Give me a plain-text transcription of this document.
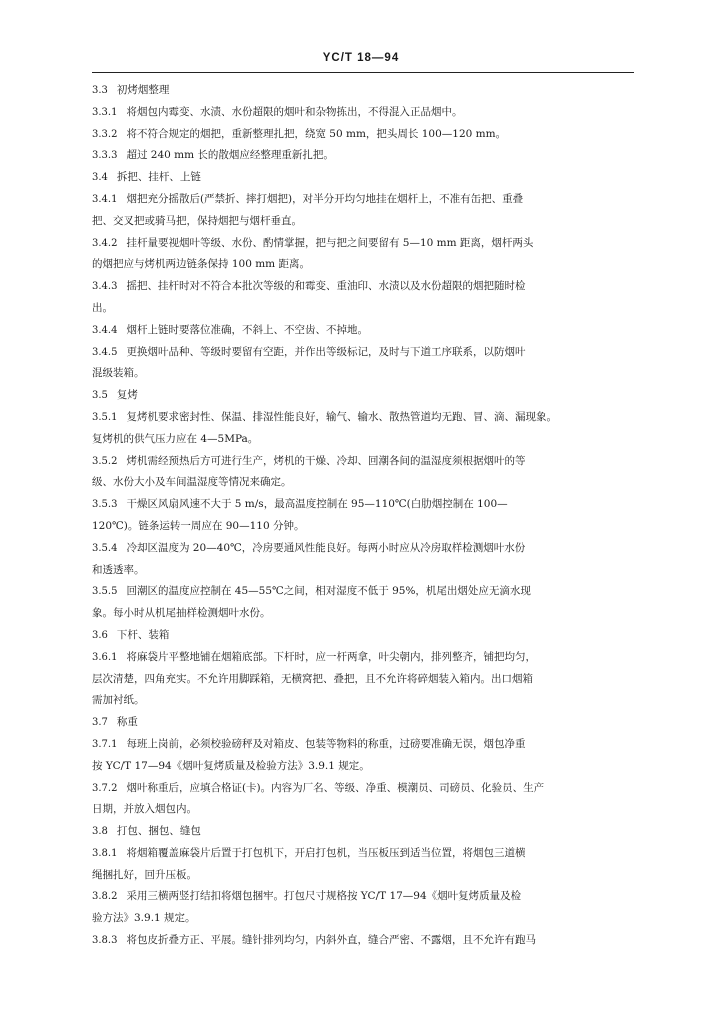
YC/T 18—94
3.3 初烤烟整理
3.3.1 将烟包内霉变、水渍、水份超限的烟叶和杂物拣出，不得混入正品烟中。
3.3.2 将不符合规定的烟把，重新整理扎把，绕宽 50 mm，把头周长 100—120 mm。
3.3.3 超过 240 mm 长的散烟应经整理重新扎把。
3.4 拆把、挂杆、上链
3.4.1 烟把充分摇散后(严禁折、摔打烟把)，对半分开均匀地挂在烟杆上，不准有缶把、重叠
把、交叉把或骑马把，保持烟把与烟杆垂直。
3.4.2 挂杆量要视烟叶等级、水份、酌情掌握，把与把之间要留有 5—10 mm 距离，烟杆两头
的烟把应与烤机两边链条保持 100 mm 距离。
3.4.3 摇把、挂杆时对不符合本批次等级的和霉变、重油印、水渍以及水份超限的烟把随时检
出。
3.4.4 烟杆上链时要落位准确，不斜上、不空齿、不掉地。
3.4.5 更换烟叶品种、等级时要留有空距，并作出等级标记，及时与下道工序联系，以防烟叶
混级装箱。
3.5 复烤
3.5.1 复烤机要求密封性、保温、排湿性能良好，输气、输水、散热管道均无跑、冒、滴、漏现象。
复烤机的供气压力应在 4—5MPa。
3.5.2 烤机需经预热后方可进行生产，烤机的干燥、冷却、回潮各间的温湿度须根据烟叶的等
级、水份大小及车间温湿度等情况来确定。
3.5.3 干燥区风扇风速不大于 5 m/s，最高温度控制在 95—110℃(白肋烟控制在 100—
120℃)。链条运转一周应在 90—110 分钟。
3.5.4 冷却区温度为 20—40℃，冷房要通风性能良好。每两小时应从冷房取样检测烟叶水份
和透透率。
3.5.5 回潮区的温度应控制在 45—55℃之间，相对湿度不低于 95%，机尾出烟处应无滴水现
象。每小时从机尾抽样检测烟叶水份。
3.6 下杆、装箱
3.6.1 将麻袋片平整地铺在烟箱底部。下杆时，应一杆两拿，叶尖朝内，排列整齐，铺把均匀，
层次清楚，四角充实。不允许用脚踩箱，无横窝把、叠把，且不允许将碎烟装入箱内。出口烟箱
需加衬纸。
3.7 称重
3.7.1 每班上岗前，必须校验磅秤及对箱皮、包装等物料的称重，过磅要准确无误，烟包净重
按 YC/T 17—94《烟叶复烤质量及检验方法》3.9.1 规定。
3.7.2 烟叶称重后，应填合格证(卡)。内容为厂名、等级、净重、模潮员、司磅员、化验员、生产
日期，并放入烟包内。
3.8 打包、捆包、缝包
3.8.1 将烟箱覆盖麻袋片后置于打包机下，开启打包机，当压板压到适当位置，将烟包三道横
绳捆扎好，回升压板。
3.8.2 采用三横两竖打结扣将烟包捆牢。打包尺寸规格按 YC/T 17—94《烟叶复烤质量及检
验方法》3.9.1 规定。
3.8.3 将包皮折叠方正、平展。缝针排列均匀，内斜外直，缝合严密、不露烟，且不允许有跑马
